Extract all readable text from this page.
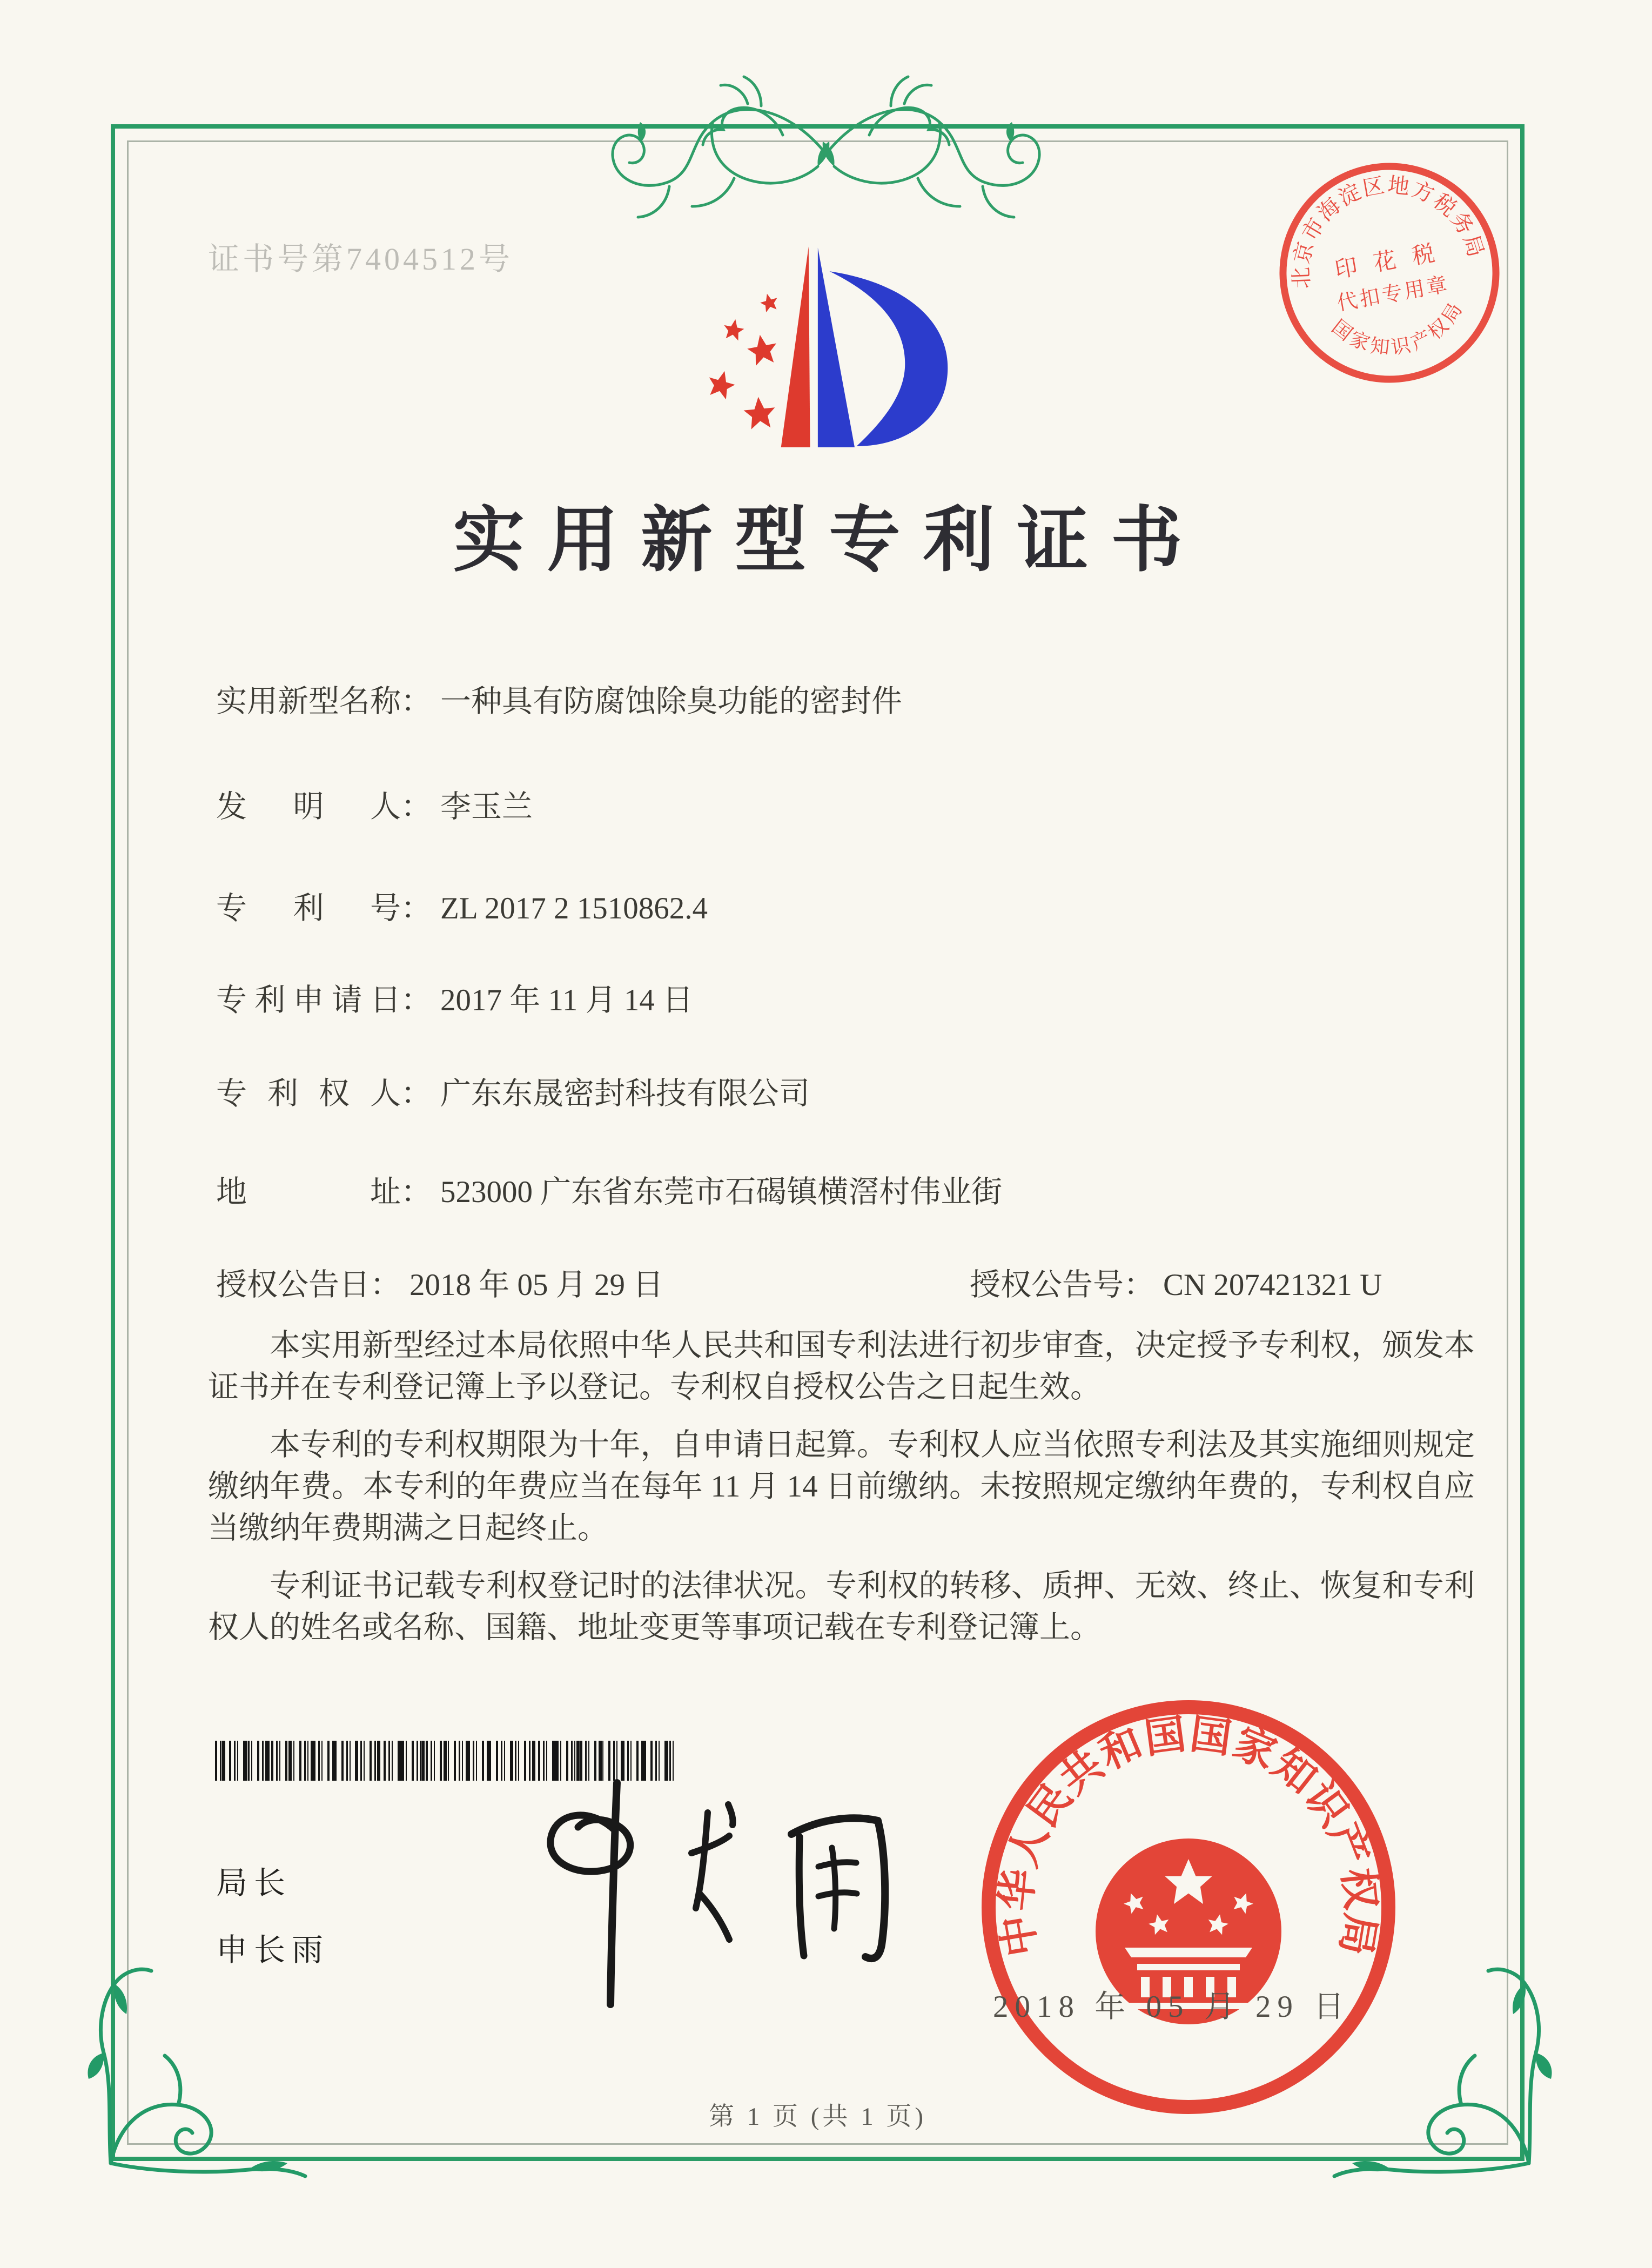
证书号第7404512号
北京市海淀区地方税务局
国家知识产权局
印 花 税
代扣专用章
实用新型专利证书
实用新型名称： 一种具有防腐蚀除臭功能的密封件
发明人： 李玉兰
专利号： ZL 2017 2 1510862.4
专利申请日： 2017 年 11 月 14 日
专利权人： 广东东晟密封科技有限公司
地址： 523000 广东省东莞市石碣镇横滘村伟业街
授权公告日： 2018 年 05 月 29 日	授权公告号： CN 207421321 U

本实用新型经过本局依照中华人民共和国专利法进行初步审查，决定授予专利权，颁发本证书并在专利登记簿上予以登记。专利权自授权公告之日起生效。

本专利的专利权期限为十年，自申请日起算。专利权人应当依照专利法及其实施细则规定缴纳年费。本专利的年费应当在每年 11 月 14 日前缴纳。未按照规定缴纳年费的，专利权自应当缴纳年费期满之日起终止。

专利证书记载专利权登记时的法律状况。专利权的转移、质押、无效、终止、恢复和专利权人的姓名或名称、国籍、地址变更等事项记载在专利登记簿上。

局长
申长雨
2018 年 05 月 29 日
中华人民共和国国家知识产权局
第 1 页 (共 1 页)
